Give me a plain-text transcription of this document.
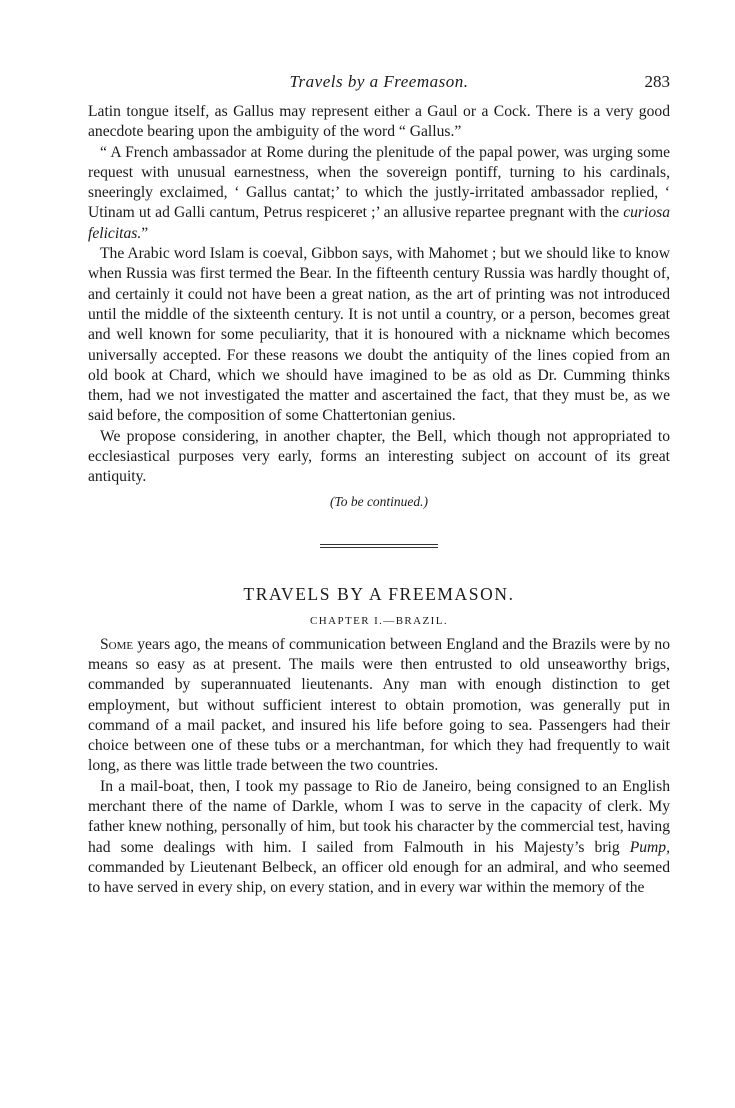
Travels by a Freemason.	283

Latin tongue itself, as Gallus may represent either a Gaul or a Cock. There is a very good anecdote bearing upon the ambiguity of the word “ Gallus.”

“ A French ambassador at Rome during the plenitude of the papal power, was urging some request with unusual earnestness, when the sovereign pontiff, turning to his cardinals, sneeringly exclaimed, ‘ Gallus cantat;’ to which the justly-irritated ambassador replied, ‘ Utinam ut ad Galli cantum, Petrus respiceret ;’ an allusive repartee pregnant with the curiosa felicitas.”

The Arabic word Islam is coeval, Gibbon says, with Mahomet ; but we should like to know when Russia was first termed the Bear. In the fifteenth century Russia was hardly thought of, and certainly it could not have been a great nation, as the art of printing was not introduced until the middle of the sixteenth century. It is not until a country, or a person, becomes great and well known for some peculiarity, that it is honoured with a nickname which becomes universally accepted. For these reasons we doubt the antiquity of the lines copied from an old book at Chard, which we should have imagined to be as old as Dr. Cumming thinks them, had we not investigated the matter and ascertained the fact, that they must be, as we said before, the composition of some Chattertonian genius.

We propose considering, in another chapter, the Bell, which though not appropriated to ecclesiastical purposes very early, forms an interesting subject on account of its great antiquity.

(To be continued.)
TRAVELS BY A FREEMASON.
CHAPTER I.—BRAZIL.

Some years ago, the means of communication between England and the Brazils were by no means so easy as at present. The mails were then entrusted to old unseaworthy brigs, commanded by superannuated lieutenants. Any man with enough distinction to get employment, but without sufficient interest to obtain promotion, was generally put in command of a mail packet, and insured his life before going to sea. Passengers had their choice between one of these tubs or a merchantman, for which they had frequently to wait long, as there was little trade between the two countries.

In a mail-boat, then, I took my passage to Rio de Janeiro, being consigned to an English merchant there of the name of Darkle, whom I was to serve in the capacity of clerk. My father knew nothing, personally of him, but took his character by the commercial test, having had some dealings with him. I sailed from Falmouth in his Majesty’s brig Pump, commanded by Lieutenant Belbeck, an officer old enough for an admiral, and who seemed to have served in every ship, on every station, and in every war within the memory of the
